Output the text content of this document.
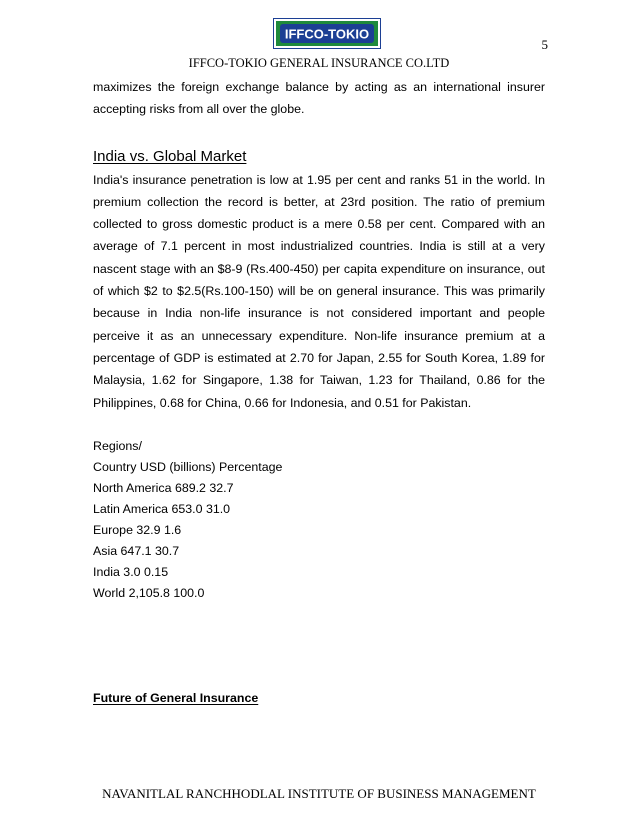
IFFCO-TOKIO
5
IFFCO-TOKIO GENERAL INSURANCE CO.LTD

maximizes the foreign exchange balance by acting as an international insurer accepting risks from all over the globe.

India vs. Global Market

India's insurance penetration is low at 1.95 per cent and ranks 51 in the world. In premium collection the record is better, at 23rd position. The ratio of premium collected to gross domestic product is a mere 0.58 per cent. Compared with an average of 7.1 percent in most industrialized countries. India is still at a very nascent stage with an $8-9 (Rs.400-450) per capita expenditure on insurance, out of which $2 to $2.5(Rs.100-150) will be on general insurance. This was primarily because in India non-life insurance is not considered important and people perceive it as an unnecessary expenditure. Non-life insurance premium at a percentage of GDP is estimated at 2.70 for Japan, 2.55 for South Korea, 1.89 for Malaysia, 1.62 for Singapore, 1.38 for Taiwan, 1.23 for Thailand, 0.86 for the Philippines, 0.68 for China, 0.66 for Indonesia, and 0.51 for Pakistan.

Regions/

Country USD (billions) Percentage

North America 689.2 32.7

Latin America 653.0 31.0

Europe 32.9 1.6

Asia 647.1 30.7

India 3.0 0.15

World 2,105.8 100.0

Future of General Insurance
NAVANITLAL RANCHHODLAL INSTITUTE OF BUSINESS MANAGEMENT
